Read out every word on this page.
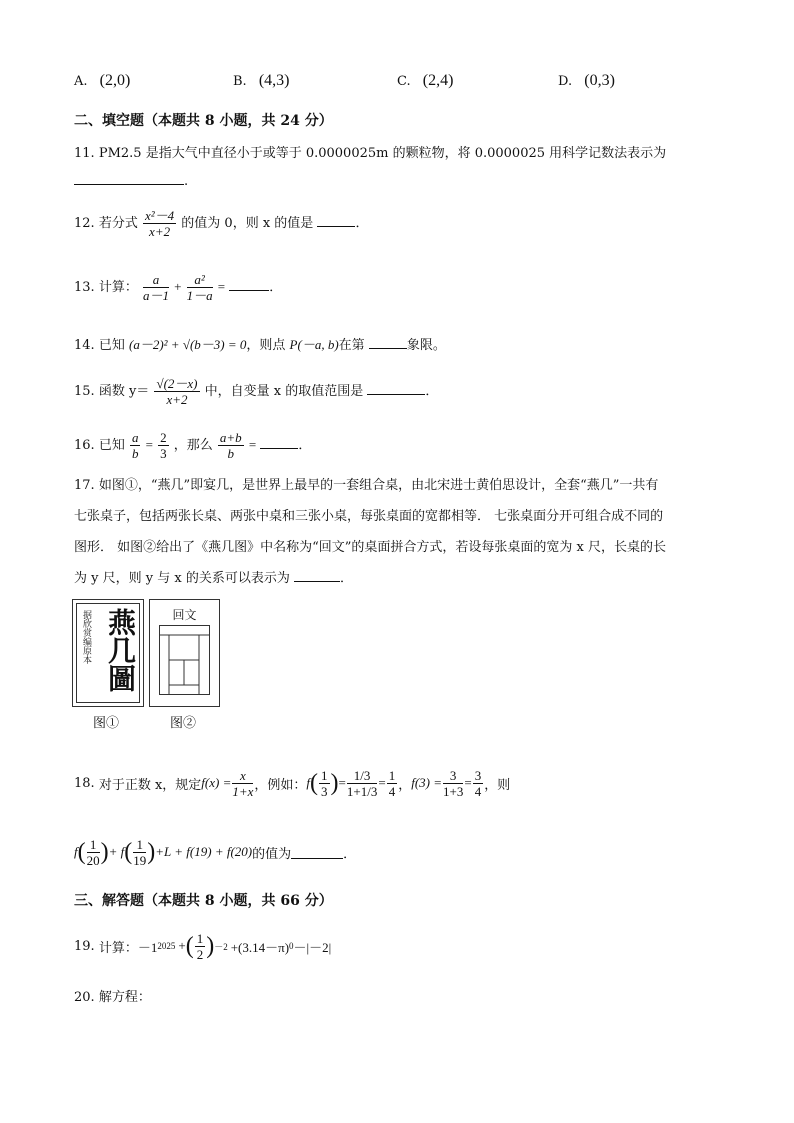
A. (2,0)	B. (4,3)	C. (2,4)	D. (0,3)
二、填空题（本题共 8 小题，共 24 分）
11. PM2.5 是指大气中直径小于或等于 0.0000025m 的颗粒物，将 0.0000025 用科学记数法表示为
.
12. 若分式 $\frac{\text{x²－4}}{x+2}$ 的值为 0，则 x 的值是	．
13. 计算： $\frac{a}{a-1} + \frac{\text{a²}}{1-a}$ =	．
14. 已知 (a－2)² + √(b－3) = 0，则点 P(－a, b)在第	象限。
15. 函数 $y= \frac{√(2-x)}{x+2}$ 中，自变量 x 的取值范围是	．
16. 已知 $\frac{a}{b} = \frac{2}{3}$ ，那么 $\frac{a+b}{b}$ =	．
17. 如图①，“燕几”即宴几，是世界上最早的一套组合桌，由北宋进士黄伯思设计，全套“燕几”一共有
七张桌子，包括两张长桌、两张中桌和三张小桌，每张桌面的宽都相等． 七张桌面分开可组合成不同的
图形． 如图②给出了《燕几图》中名称为“回文”的桌面拼合方式，若设每张桌面的宽为 x 尺，长桌的长
为 y 尺，则 y 与 x 的关系可以表示为	．
据欣赏编原本 燕几圖
图①
回文
图②
18.
对于正数 x，规定 $f(x) = \frac{x}{1+x}$ ，例如： f ( $\frac{1}{3}$ ) = $\frac{1/3}{1+1/3} = \frac{1}{4}$ ， $f(3) = \frac{3}{1+3} = \frac{3}{4}$ ，则
f ( $\frac{1}{20}$ ) + f ( $\frac{1}{19}$ ) +L + f(19) + f(20) 的值为	．
三、解答题（本题共 8 小题，共 66 分）
19.
计算： －1 2025 + ( $\frac{1}{2}$ ) －2 +(3.14－π) 0 －|－2|
20. 解方程：
